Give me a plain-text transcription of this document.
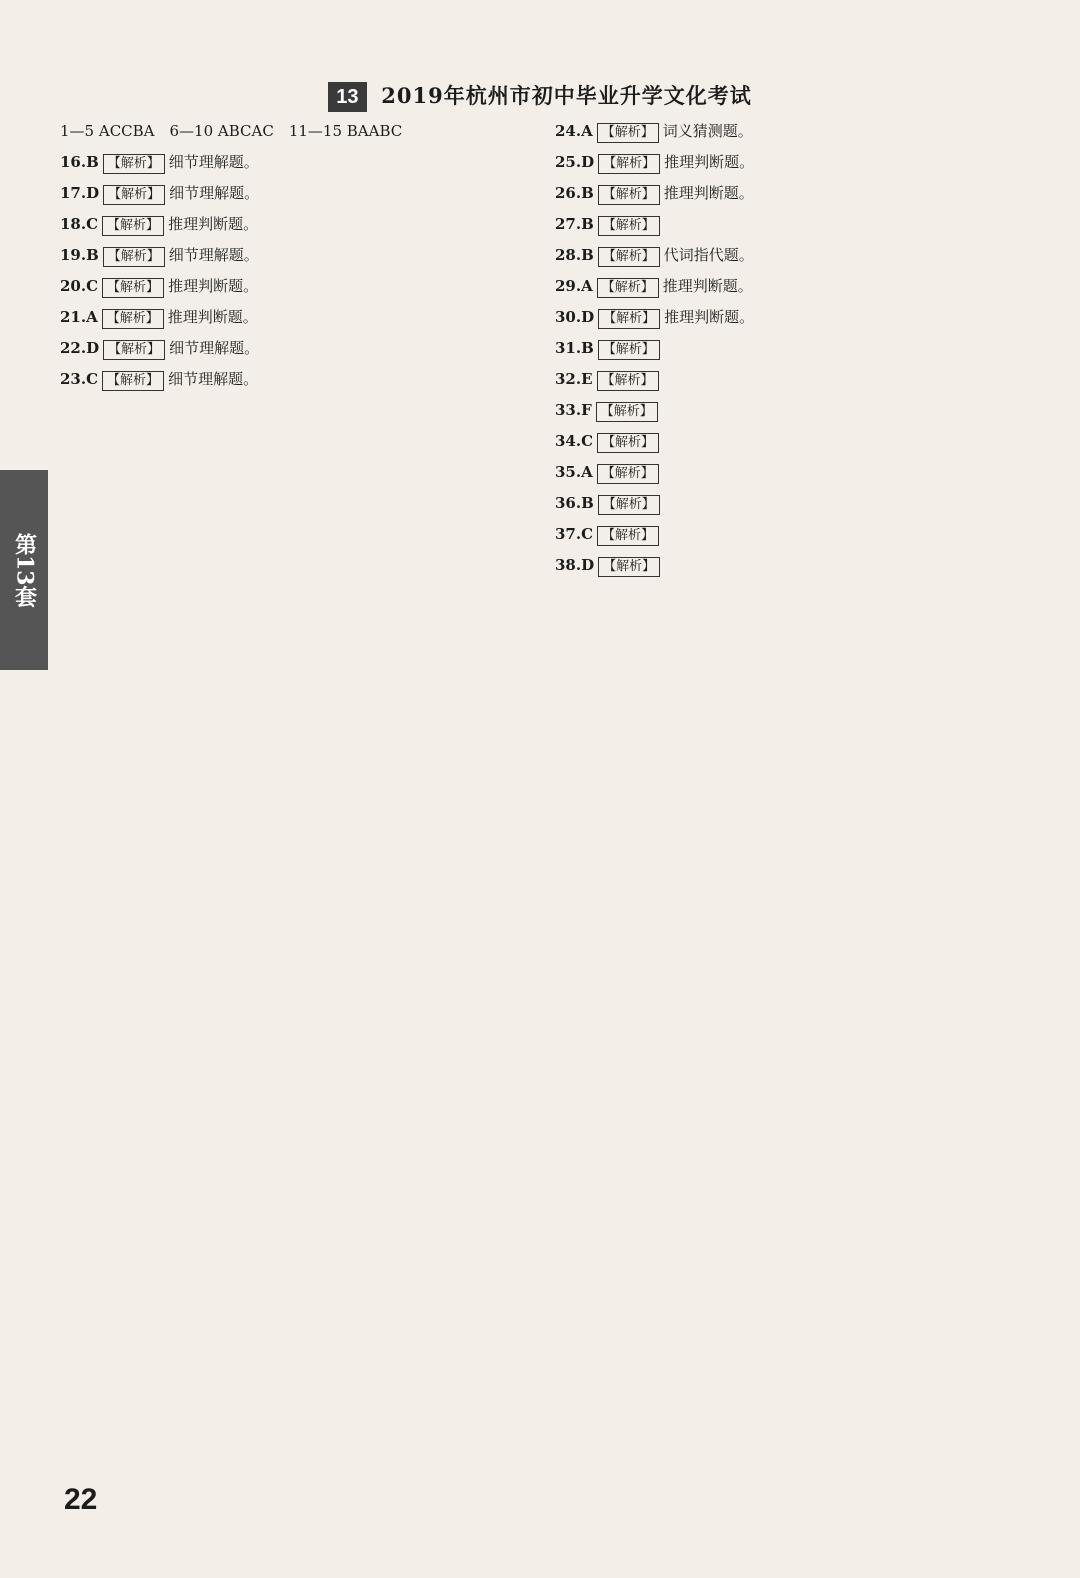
13 2019年杭州市初中毕业升学文化考试

1—5 ACCBA　6—10 ABCAC　11—15 BAABC

16.B 【解析】 细节理解题。

17.D 【解析】 细节理解题。

18.C 【解析】 推理判断题。

19.B 【解析】 细节理解题。

20.C 【解析】 推理判断题。

21.A 【解析】 推理判断题。

22.D 【解析】 细节理解题。

23.C 【解析】 细节理解题。

24.A 【解析】 词义猜测题。

25.D 【解析】 推理判断题。

26.B 【解析】 推理判断题。

27.B 【解析】

28.B 【解析】 代词指代题。

29.A 【解析】 推理判断题。

30.D 【解析】 推理判断题。

31.B 【解析】

32.E 【解析】

33.F 【解析】

34.C 【解析】

35.A 【解析】

36.B 【解析】

37.C 【解析】

38.D 【解析】

第13套
22
